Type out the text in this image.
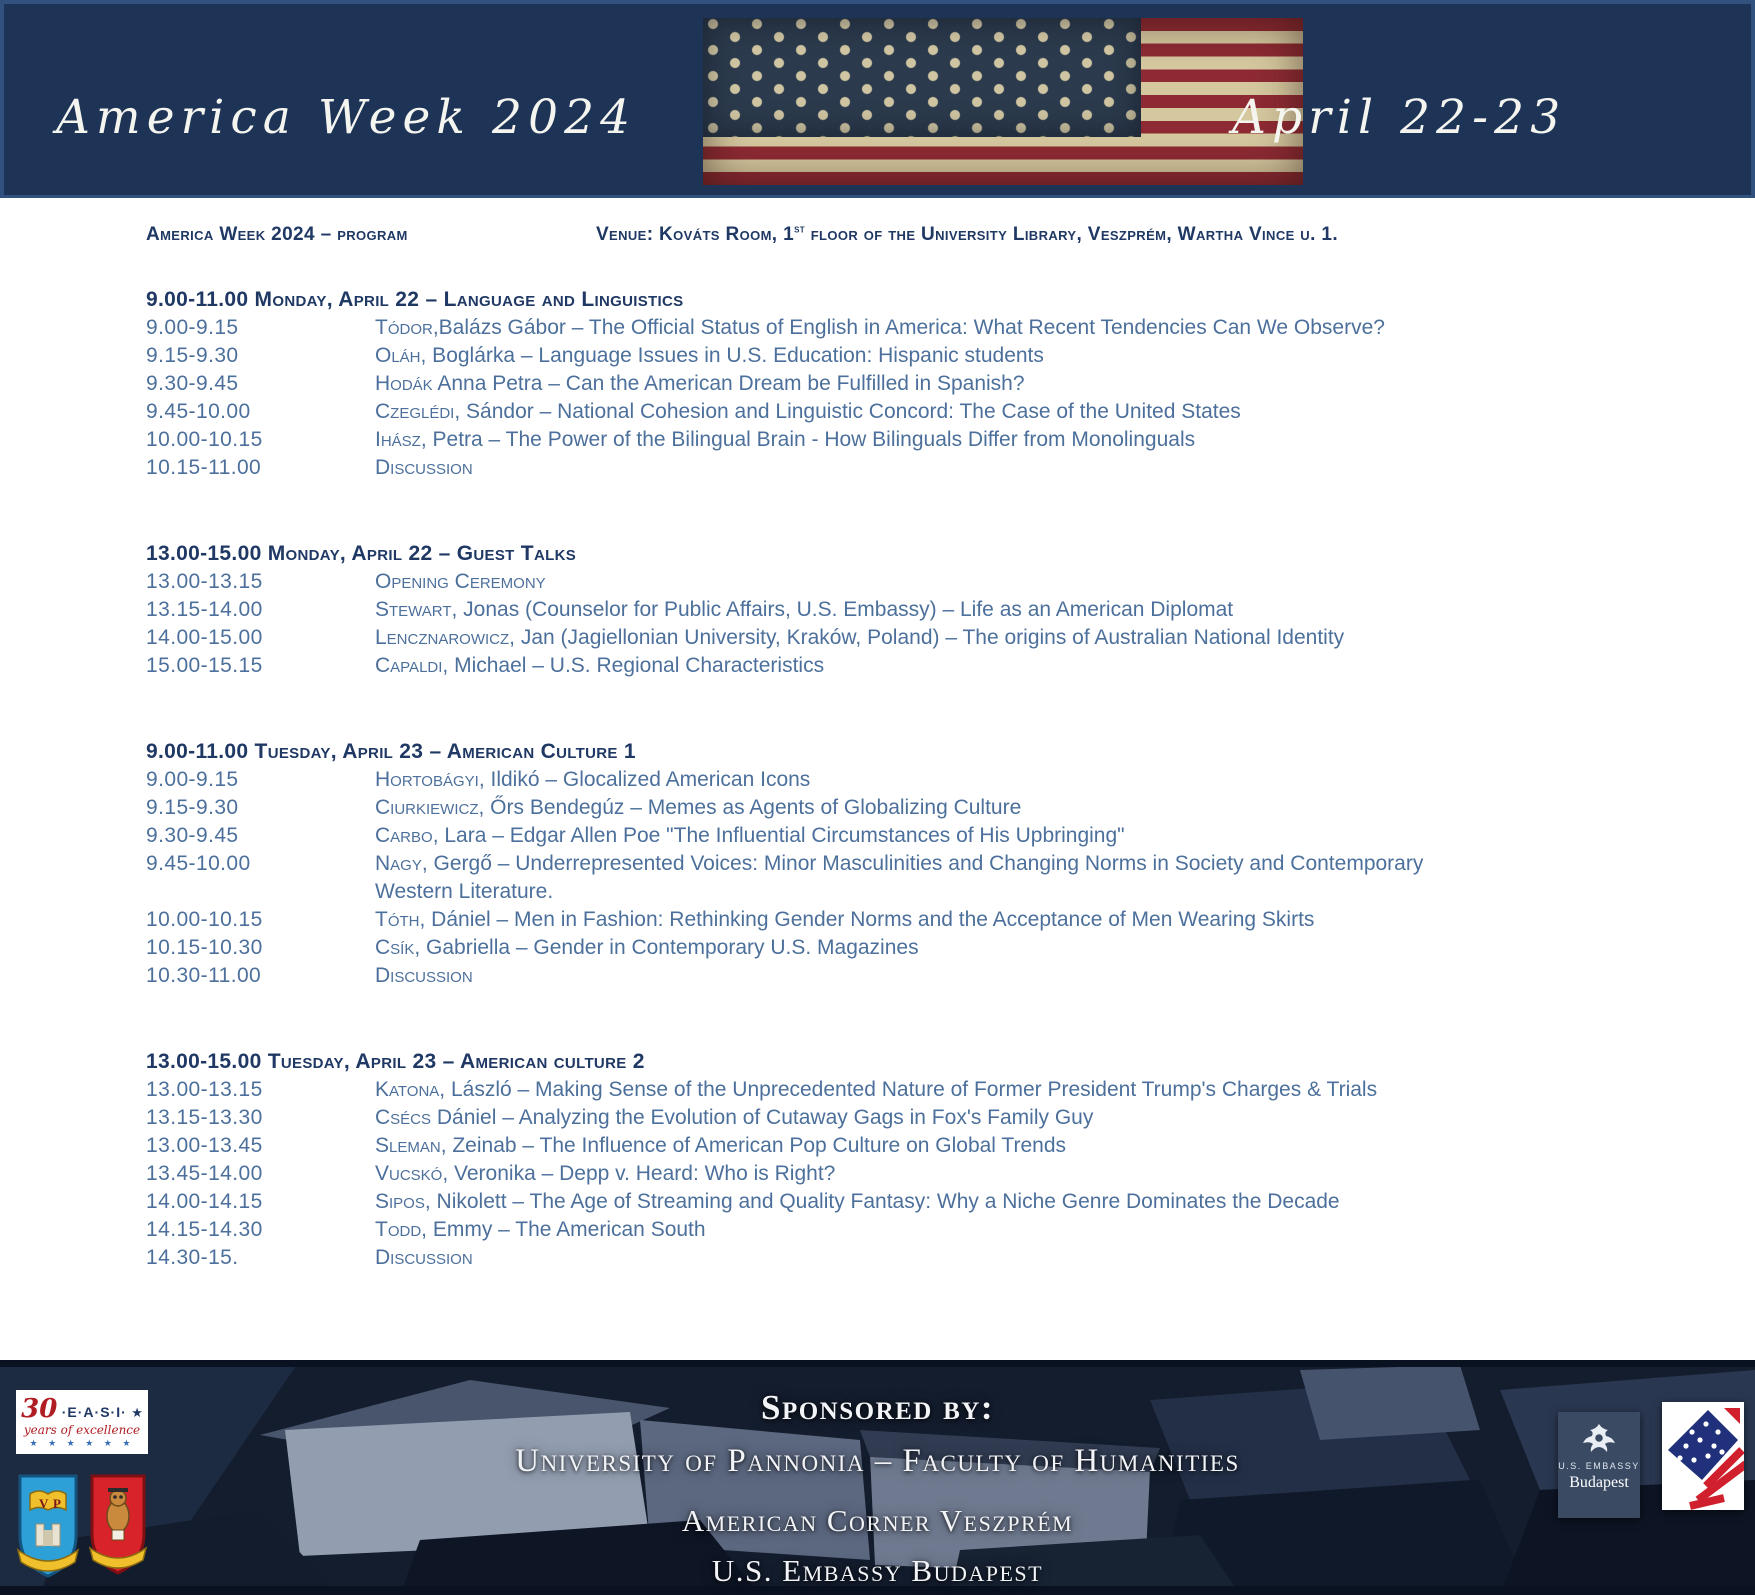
America Week 2024	April 22-23
America Week 2024 – program	Venue: Kováts Room, 1st floor of the University Library, Veszprém, Wartha Vince u. 1.
9.00-11.00 Monday, April 22 – Language and Linguistics
9.00-9.15	Tódor,Balázs Gábor – The Official Status of English in America: What Recent Tendencies Can We Observe?
9.15-9.30	Oláh, Boglárka – Language Issues in U.S. Education: Hispanic students
9.30-9.45	Hodák Anna Petra – Can the American Dream be Fulfilled in Spanish?
9.45-10.00	Czeglédi, Sándor – National Cohesion and Linguistic Concord: The Case of the United States
10.00-10.15	Ihász, Petra – The Power of the Bilingual Brain - How Bilinguals Differ from Monolinguals
10.15-11.00	Discussion
13.00-15.00 Monday, April 22 – Guest Talks
13.00-13.15	Opening Ceremony
13.15-14.00	Stewart, Jonas (Counselor for Public Affairs, U.S. Embassy) – Life as an American Diplomat
14.00-15.00	Lencznarowicz, Jan (Jagiellonian University, Kraków, Poland) – The origins of Australian National Identity
15.00-15.15	Capaldi, Michael – U.S. Regional Characteristics
9.00-11.00 Tuesday, April 23 – American Culture 1
9.00-9.15	Hortobágyi, Ildikó – Glocalized American Icons
9.15-9.30	Ciurkiewicz, Őrs Bendegúz – Memes as Agents of Globalizing Culture
9.30-9.45	Carbo, Lara – Edgar Allen Poe "The Influential Circumstances of His Upbringing"
9.45-10.00	Nagy, Gergő – Underrepresented Voices: Minor Masculinities and Changing Norms in Society and Contemporary Western Literature.
10.00-10.15	Tóth, Dániel – Men in Fashion: Rethinking Gender Norms and the Acceptance of Men Wearing Skirts
10.15-10.30	Csík, Gabriella – Gender in Contemporary U.S. Magazines
10.30-11.00	Discussion
13.00-15.00 Tuesday, April 23 – American culture 2
13.00-13.15	Katona, László – Making Sense of the Unprecedented Nature of Former President Trump's Charges & Trials
13.15-13.30	Csécs Dániel – Analyzing the Evolution of Cutaway Gags in Fox's Family Guy
13.00-13.45	Sleman, Zeinab – The Influence of American Pop Culture on Global Trends
13.45-14.00	Vucskó, Veronika – Depp v. Heard: Who is Right?
14.00-14.15	Sipos, Nikolett – The Age of Streaming and Quality Fantasy: Why a Niche Genre Dominates the Decade
14.15-14.30	Todd, Emmy – The American South
14.30-15.	Discussion
Sponsored by:
University of Pannonia – Faculty of Humanities
American Corner Veszprém
U.S. Embassy Budapest
30 ·E·A·S·I· ★
years of excellence
★ ★ ★ ★ ★ ★
V P
U.S. EMBASSY
Budapest
